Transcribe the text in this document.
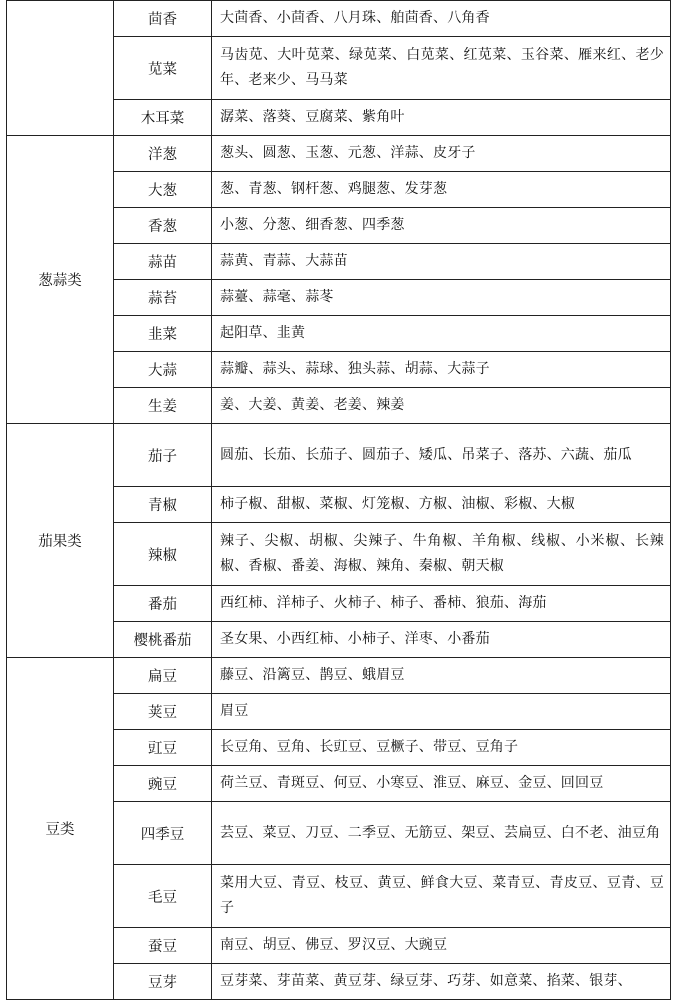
	茴香	大茴香、小茴香、八月珠、舶茴香、八角香
	苋菜	马齿苋、大叶苋菜、绿苋菜、白苋菜、红苋菜、玉谷菜、雁来红、老少年、老来少、马马菜
	木耳菜	潺菜、落葵、豆腐菜、紫角叶
葱蒜类	洋葱	葱头、圆葱、玉葱、元葱、洋蒜、皮牙子
	大葱	葱、青葱、钢杆葱、鸡腿葱、发芽葱
	香葱	小葱、分葱、细香葱、四季葱
	蒜苗	蒜黄、青蒜、大蒜苗
	蒜苔	蒜薹、蒜毫、蒜苳
	韭菜	起阳草、韭黄
	大蒜	蒜瓣、蒜头、蒜球、独头蒜、胡蒜、大蒜子
	生姜	姜、大姜、黄姜、老姜、辣姜
茄果类	茄子	圆茄、长茄、长茄子、圆茄子、矮瓜、吊菜子、落苏、六蔬、茄瓜
	青椒	柿子椒、甜椒、菜椒、灯笼椒、方椒、油椒、彩椒、大椒
	辣椒	辣子、尖椒、胡椒、尖辣子、牛角椒、羊角椒、线椒、小米椒、长辣椒、香椒、番姜、海椒、辣角、秦椒、朝天椒
	番茄	西红柿、洋柿子、火柿子、柿子、番柿、狼茄、海茄
	樱桃番茄	圣女果、小西红柿、小柿子、洋枣、小番茄
豆类	扁豆	藤豆、沿篱豆、鹊豆、蛾眉豆
	荚豆	眉豆
	豇豆	长豆角、豆角、长豇豆、豆橛子、带豆、豆角子
	豌豆	荷兰豆、青斑豆、何豆、小寒豆、淮豆、麻豆、金豆、回回豆
	四季豆	芸豆、菜豆、刀豆、二季豆、无筋豆、架豆、芸扁豆、白不老、油豆角
	毛豆	菜用大豆、青豆、枝豆、黄豆、鲜食大豆、菜青豆、青皮豆、豆青、豆子
	蚕豆	南豆、胡豆、佛豆、罗汉豆、大豌豆
	豆芽	豆芽菜、芽苗菜、黄豆芽、绿豆芽、巧芽、如意菜、掐菜、银芽、
